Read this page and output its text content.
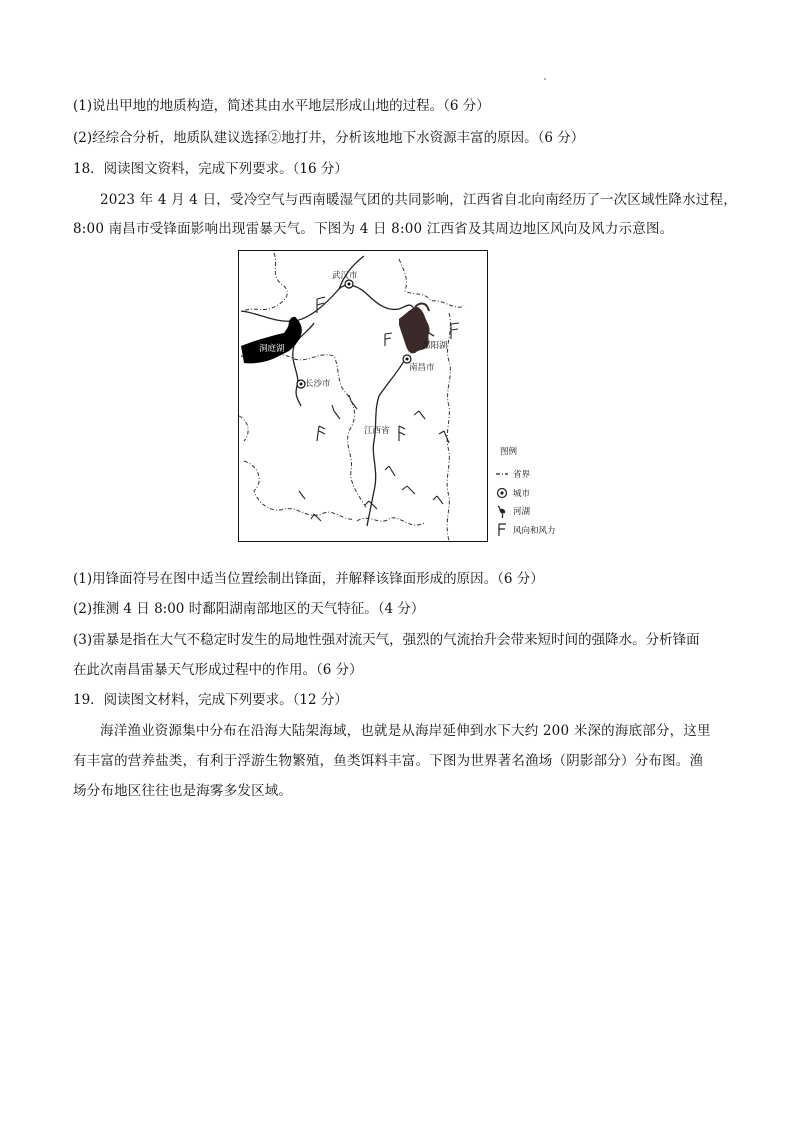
(1)说出甲地的地质构造，简述其由水平地层形成山地的过程。（6 分）
(2)经综合分析，地质队建议选择②地打井，分析该地地下水资源丰富的原因。（6 分）
18．阅读图文资料，完成下列要求。（16 分）
2023 年 4 月 4 日，受冷空气与西南暖湿气团的共同影响，江西省自北向南经历了一次区域性降水过程，
8:00 南昌市受锋面影响出现雷暴天气。下图为 4 日 8:00 江西省及其周边地区风向及风力示意图。
武汉市
洞庭湖	鄱阳湖
南昌市
长沙市
江西省
图例
省界
城市
河湖
风向和风力
(1)用锋面符号在图中适当位置绘制出锋面，并解释该锋面形成的原因。（6 分）
(2)推测 4 日 8:00 时鄱阳湖南部地区的天气特征。（4 分）
(3)雷暴是指在大气不稳定时发生的局地性强对流天气，强烈的气流抬升会带来短时间的强降水。分析锋面
在此次南昌雷暴天气形成过程中的作用。（6 分）
19．阅读图文材料，完成下列要求。（12 分）
海洋渔业资源集中分布在沿海大陆架海域，也就是从海岸延伸到水下大约 200 米深的海底部分，这里
有丰富的营养盐类，有利于浮游生物繁殖，鱼类饵料丰富。下图为世界著名渔场（阴影部分）分布图。渔
场分布地区往往也是海雾多发区域。
